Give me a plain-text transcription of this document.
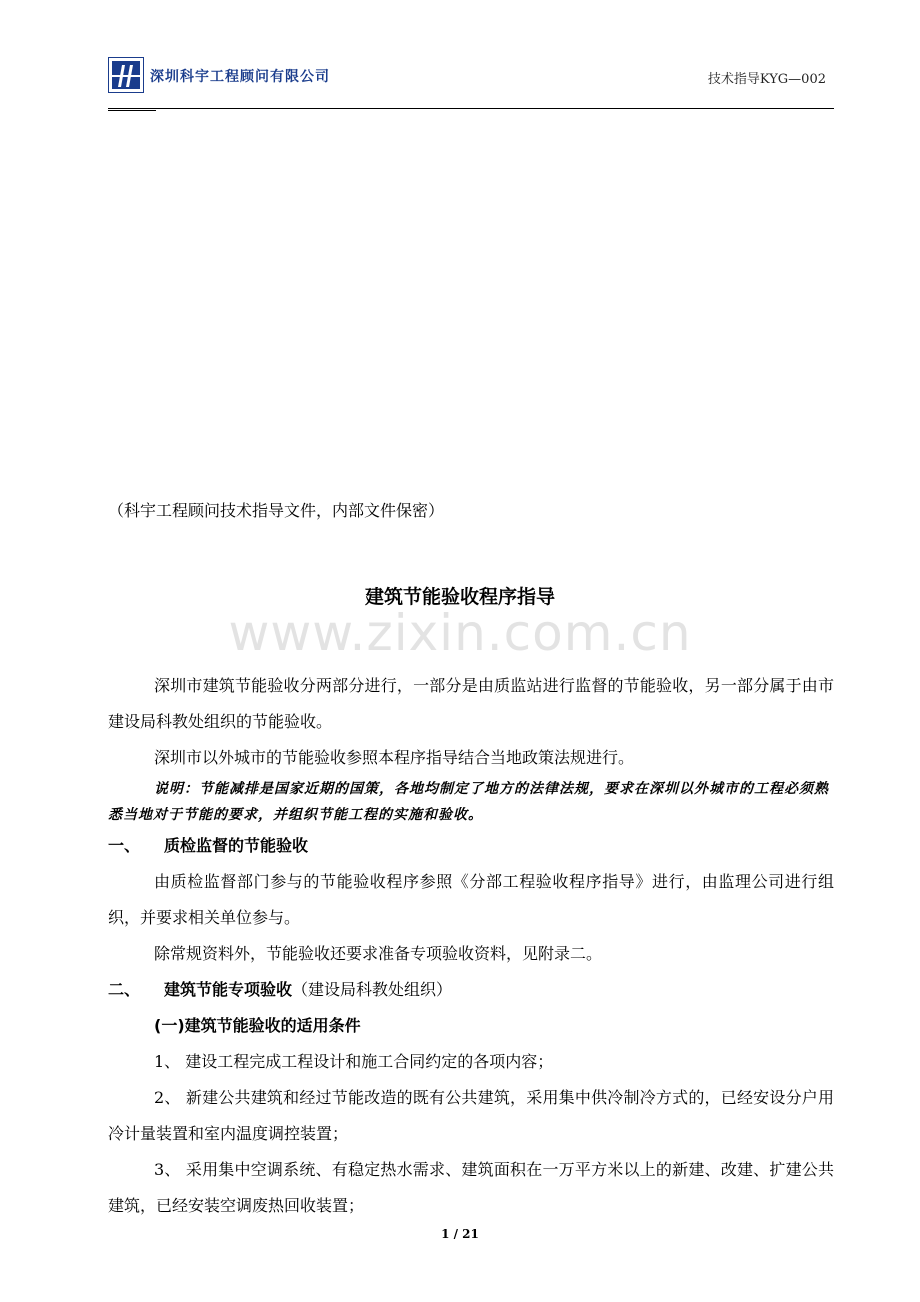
深圳科宇工程顾问有限公司	技术指导KYG—002
（科宇工程顾问技术指导文件，内部文件保密）
www.zixin.com.cn
建筑节能验收程序指导

深圳市建筑节能验收分两部分进行，一部分是由质监站进行监督的节能验收，另一部分属于由市建设局科教处组织的节能验收。

深圳市以外城市的节能验收参照本程序指导结合当地政策法规进行。

说明：节能减排是国家近期的国策，各地均制定了地方的法律法规，要求在深圳以外城市的工程必须熟悉当地对于节能的要求，并组织节能工程的实施和验收。

一、	质检监督的节能验收

由质检监督部门参与的节能验收程序参照《分部工程验收程序指导》进行，由监理公司进行组织，并要求相关单位参与。

除常规资料外，节能验收还要求准备专项验收资料，见附录二。

二、	建筑节能专项验收 （建设局科教处组织）

(一)建筑节能验收的适用条件

1、 建设工程完成工程设计和施工合同约定的各项内容；

2、 新建公共建筑和经过节能改造的既有公共建筑，采用集中供冷制冷方式的，已经安设分户用冷计量装置和室内温度调控装置；

3、 采用集中空调系统、有稳定热水需求、建筑面积在一万平方米以上的新建、改建、扩建公共建筑，已经安装空调废热回收装置；

1 / 21
